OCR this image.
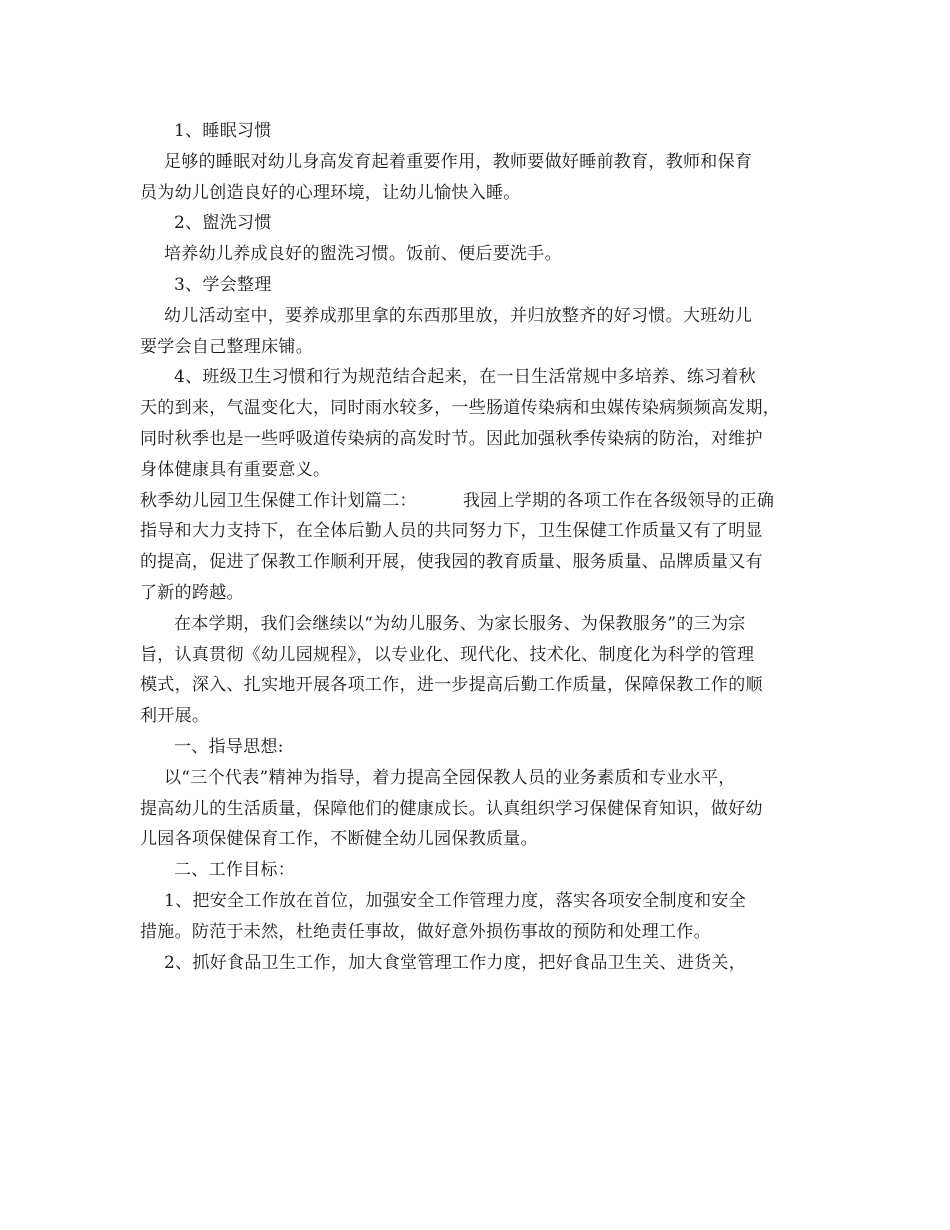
1、睡眠习惯
足够的睡眠对幼儿身高发育起着重要作用，教师要做好睡前教育，教师和保育
员为幼儿创造良好的心理环境，让幼儿愉快入睡。
2、盥洗习惯
培养幼儿养成良好的盥洗习惯。饭前、便后要洗手。
3、学会整理
幼儿活动室中，要养成那里拿的东西那里放，并归放整齐的好习惯。大班幼儿
要学会自己整理床铺。
4、班级卫生习惯和行为规范结合起来，在一日生活常规中多培养、练习着秋
天的到来，气温变化大，同时雨水较多，一些肠道传染病和虫媒传染病频频高发期，
同时秋季也是一些呼吸道传染病的高发时节。因此加强秋季传染病的防治，对维护
身体健康具有重要意义。
秋季幼儿园卫生保健工作计划篇二：	我园上学期的各项工作在各级领导的正确
指导和大力支持下，在全体后勤人员的共同努力下，卫生保健工作质量又有了明显
的提高，促进了保教工作顺利开展，使我园的教育质量、服务质量、品牌质量又有
了新的跨越。
在本学期，我们会继续以“为幼儿服务、为家长服务、为保教服务”的三为宗
旨，认真贯彻《幼儿园规程》，以专业化、现代化、技术化、制度化为科学的管理
模式，深入、扎实地开展各项工作，进一步提高后勤工作质量，保障保教工作的顺
利开展。
一、指导思想:
以“三个代表”精神为指导，着力提高全园保教人员的业务素质和专业水平，
提高幼儿的生活质量，保障他们的健康成长。认真组织学习保健保育知识，做好幼
儿园各项保健保育工作，不断健全幼儿园保教质量。
二、工作目标：
1、把安全工作放在首位，加强安全工作管理力度，落实各项安全制度和安全
措施。防范于未然，杜绝责任事故，做好意外损伤事故的预防和处理工作。
2、抓好食品卫生工作，加大食堂管理工作力度，把好食品卫生关、进货关，
